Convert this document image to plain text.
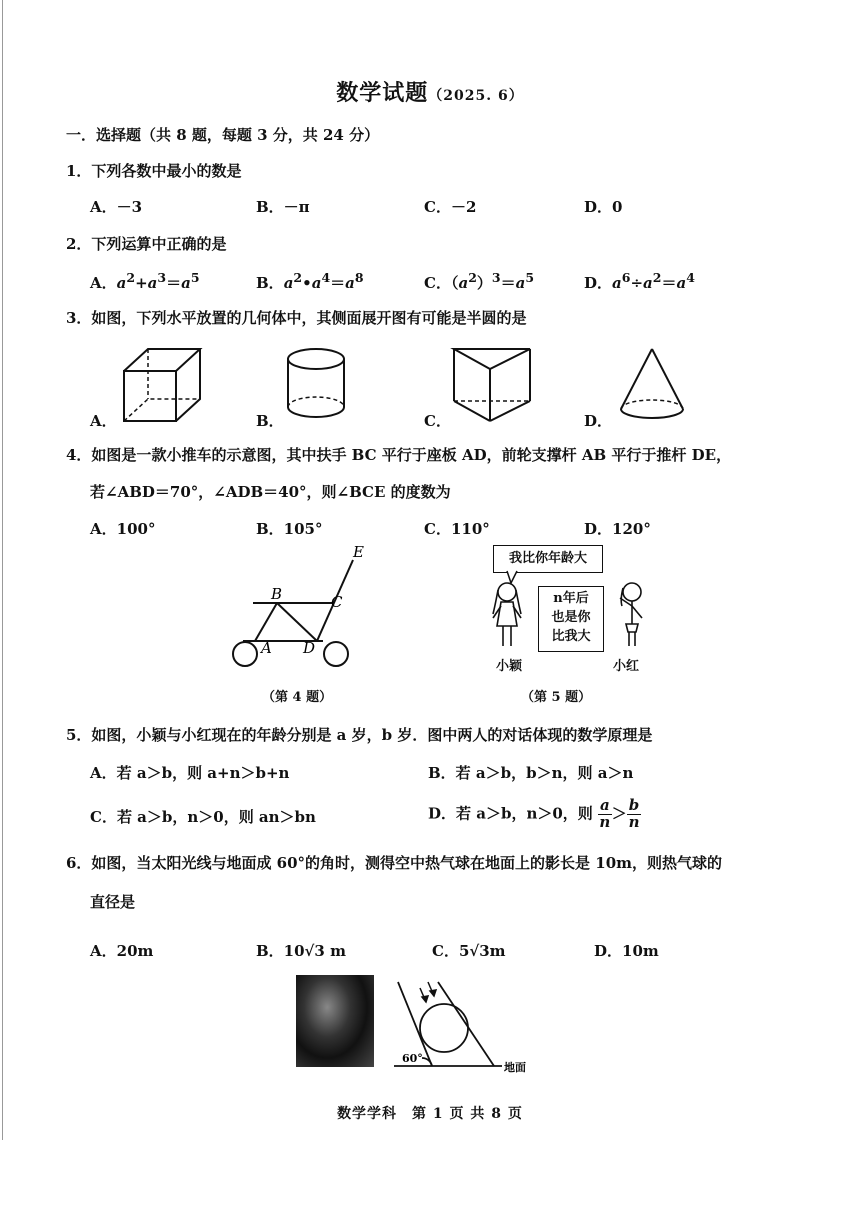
数学试题（2025. 6）
一．选择题（共 8 题，每题 3 分，共 24 分）
1．下列各数中最小的数是
A．－3	B．－π	C．－2	D．0
2．下列运算中正确的是
A．$a^2+a^3=a^5$	B．$a^2•a^4=a^8$	C．$(a^2)^3=a^5$	D．$a^6\div a^2=a^4$
3．如图，下列水平放置的几何体中，其侧面展开图有可能是半圆的是
A．	B．	C．	D．
4．如图是一款小推车的示意图，其中扶手 BC 平行于座板 AD，前轮支撑杆 AB 平行于推杆 DE，
若∠ABD＝70°，∠ADB＝40°，则∠BCE 的度数为
A．100°	B．105°	C．110°	D．120°
E
B	C
A D
（第 4 题）
我比你年龄大
n年后
也是你
比我大
小颖	小红
（第 5 题）
5．如图，小颖与小红现在的年龄分别是 a 岁，b 岁．图中两人的对话体现的数学原理是
A．若 a＞b，则 a+n＞b+n	B．若 a＞b，b＞n，则 a＞n
C．若 a＞b，n＞0，则 an＞bn	D．若 a＞b，n＞0，则 $\frac{a}{n} > \frac{b}{n}$
6．如图，当太阳光线与地面成 60°的角时，测得空中热气球在地面上的影长是 10m，则热气球的
直径是
A．20m	B．10√3 m	C．5√3m	D．10m
60°
地面
数学学科　第 1 页 共 8 页
